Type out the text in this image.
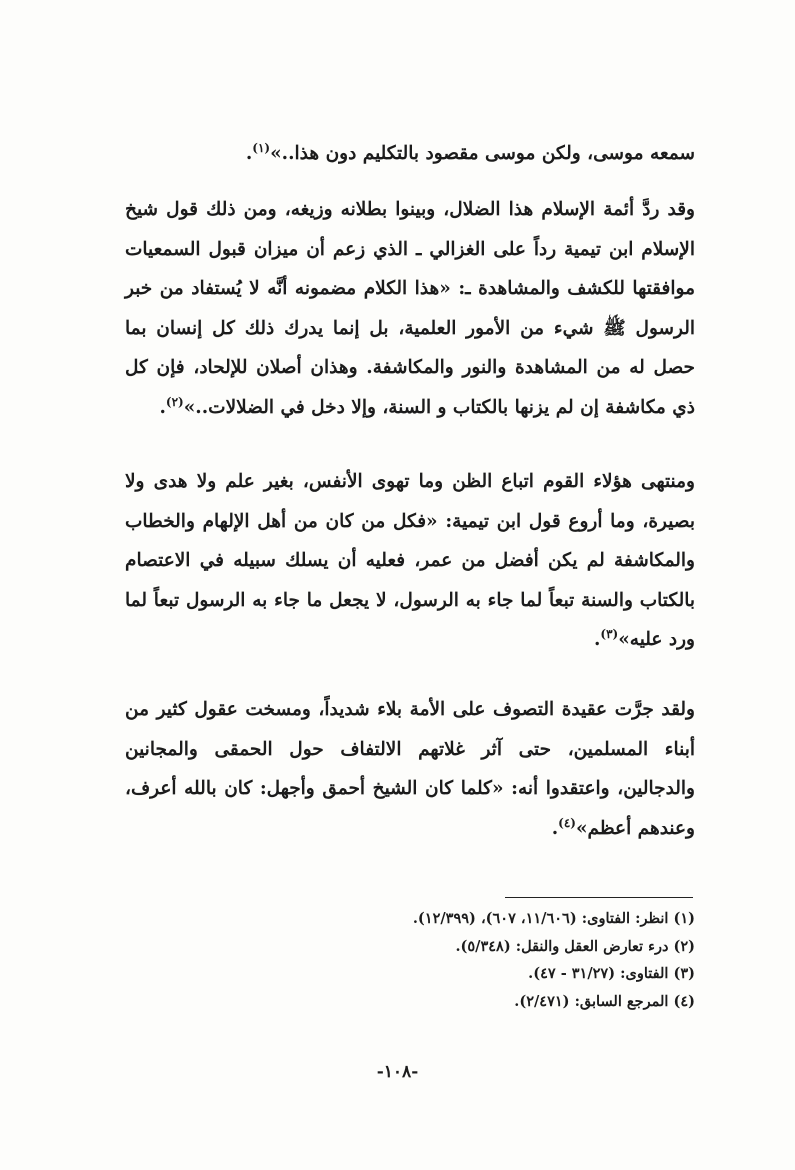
سمعه موسى، ولكن موسى مقصود بالتكليم دون هذا..»$^{(١)}$.

وقد ردَّ أئمة الإسلام هذا الضلال، وبينوا بطلانه وزيغه، ومن ذلك قول شيخ الإسلام ابن تيمية رداً على الغزالي ـ الذي زعم أن ميزان قبول السمعيات موافقتها للكشف والمشاهدة ـ: «هذا الكلام مضمونه أنَّه لا يُستفاد من خبر الرسول ﷺ شيء من الأمور العلمية، بل إنما يدرك ذلك كل إنسان بما حصل له من المشاهدة والنور والمكاشفة. وهذان أصلان للإلحاد، فإن كل ذي مكاشفة إن لم يزنها بالكتاب و السنة، وإلا دخل في الضلالات..»$^{(٢)}$.

ومنتهى هؤلاء القوم اتباع الظن وما تهوى الأنفس، بغير علم ولا هدى ولا بصيرة، وما أروع قول ابن تيمية: «فكل من كان من أهل الإلهام والخطاب والمكاشفة لم يكن أفضل من عمر، فعليه أن يسلك سبيله في الاعتصام بالكتاب والسنة تبعاً لما جاء به الرسول، لا يجعل ما جاء به الرسول تبعاً لما ورد عليه»$^{(٣)}$.

ولقد جرَّت عقيدة التصوف على الأمة بلاء شديداً، ومسخت عقول كثير من أبناء المسلمين، حتى آثر غلاتهم الالتفاف حول الحمقى والمجانين والدجالين، واعتقدوا أنه: «كلما كان الشيخ أحمق وأجهل: كان بالله أعرف، وعندهم أعظم»$^{(٤)}$.

(١) انظر: الفتاوى: (١١/٦٠٦، ٦٠٧)، (١٢/٣٩٩).

(٢) درء تعارض العقل والنقل: (٥/٣٤٨).

(٣) الفتاوى: (٣١/٢٧ - ٤٧).

(٤) المرجع السابق: (٢/٤٧١).

-١٠٨-
